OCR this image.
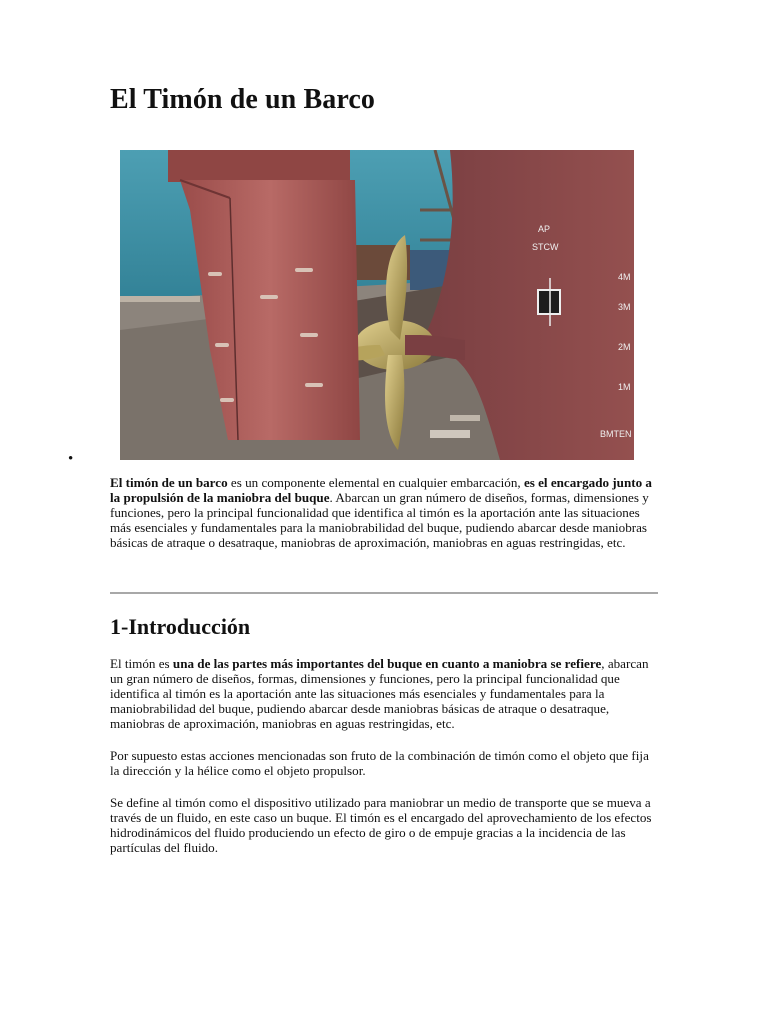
El Timón de un Barco
AP
STCW
BMTEN
4M
3M
2M
1M
•

El timón de un barco es un componente elemental en cualquier embarcación, es el encargado junto a la propulsión de la maniobra del buque. Abarcan un gran número de diseños, formas, dimensiones y funciones, pero la principal funcionalidad que identifica al timón es la aportación ante las situaciones más esenciales y fundamentales para la maniobrabilidad del buque, pudiendo abarcar desde maniobras básicas de atraque o desatraque, maniobras de aproximación, maniobras en aguas restringidas, etc.

1-Introducción

El timón es una de las partes más importantes del buque en cuanto a maniobra se refiere, abarcan un gran número de diseños, formas, dimensiones y funciones, pero la principal funcionalidad que identifica al timón es la aportación ante las situaciones más esenciales y fundamentales para la maniobrabilidad del buque, pudiendo abarcar desde maniobras básicas de atraque o desatraque, maniobras de aproximación, maniobras en aguas restringidas, etc.

Por supuesto estas acciones mencionadas son fruto de la combinación de timón como el objeto que fija la dirección y la hélice como el objeto propulsor.

Se define al timón como el dispositivo utilizado para maniobrar un medio de transporte que se mueva a través de un fluido, en este caso un buque. El timón es el encargado del aprovechamiento de los efectos hidrodinámicos del fluido produciendo un efecto de giro o de empuje gracias a la incidencia de las partículas del fluido.
